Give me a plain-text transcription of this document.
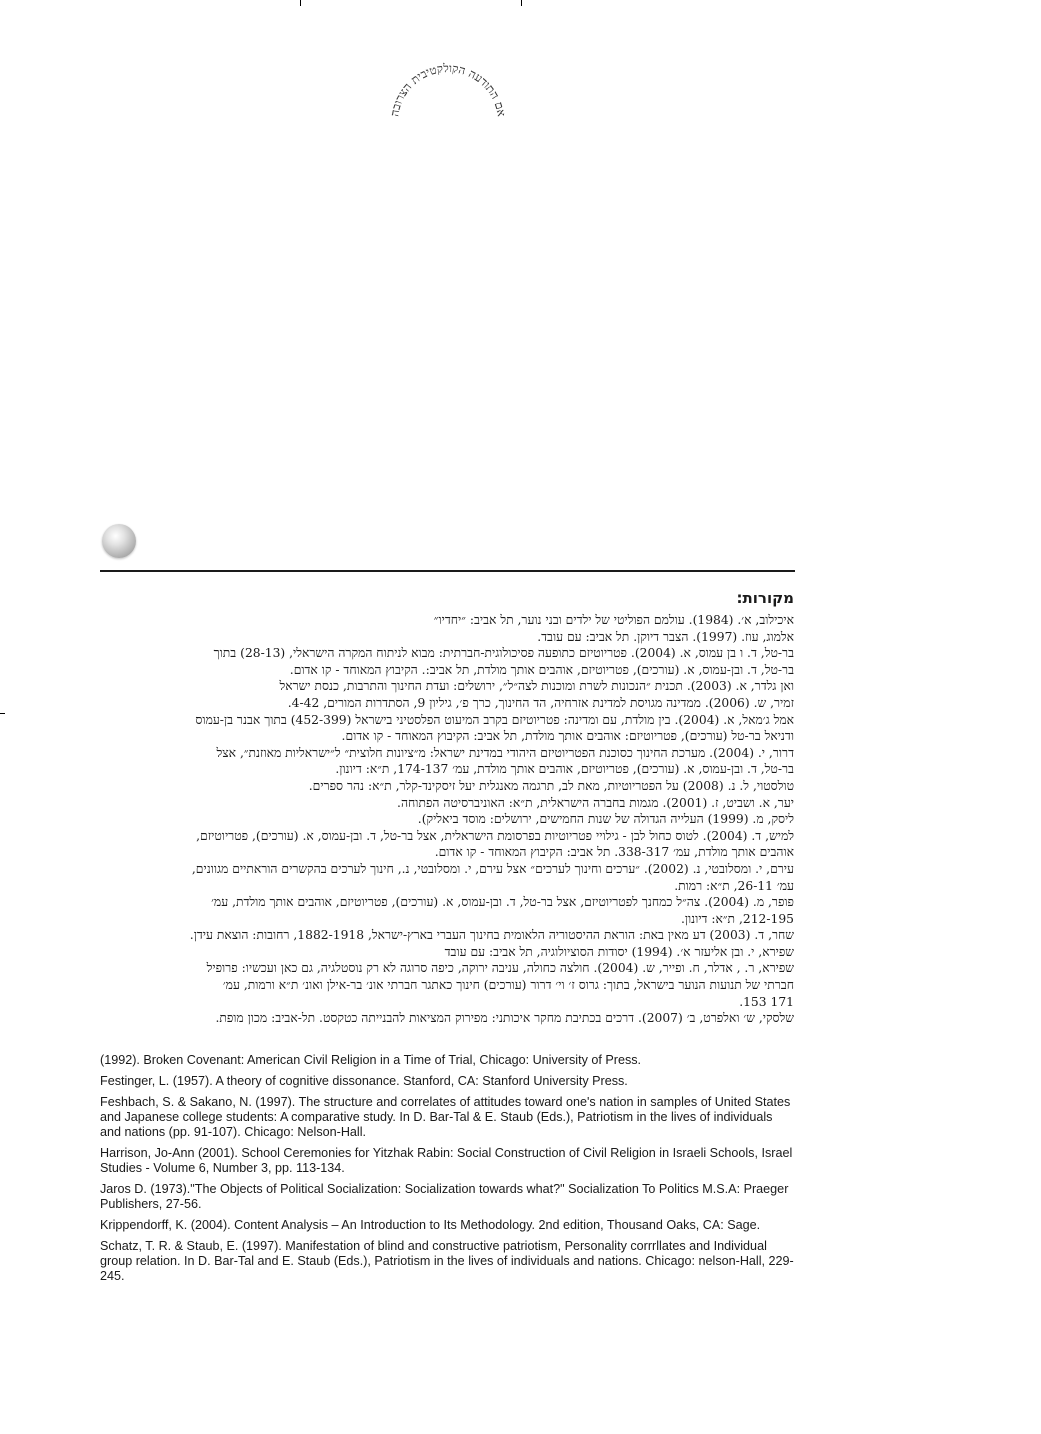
אם התודעה הקולקטיבית הצרובה
מקורות:
איכילוב, א׳. (1984). עולמם הפוליטי של ילדים ובני נוער, תל אביב: ״יחדיו״
אלמוג, עוז. (1997). הצבר דיוקן. תל אביב: עם עובד.
בר-טל, ד. ו בן עמוס, א. (2004). פטריוטיזם כתופעה פסיכולוגית-חברתית: מבוא לניתוח המקרה הישראלי, (28-13) בתוך
בר-טל, ד. ובן-עמוס, א. (עורכים), פטריוטיזם, אוהבים אותך מולדת, תל אביב:. הקיבוץ המאוחד - קו אדום.
ואן גלדר, א. (2003). תכנית ״הנכונות לשרת ומוכנות לצה״ל״, ירושלים: ועדת החינוך והתרבות, כנסת ישראל
זמיר, ש. (2006). ממדינה מגויסת למדינת אזרחיה, הד החינוך, כרך פ׳, גיליון 9, הסתדרות המורים, 4-42.
אמל ג׳מאל, א. (2004). בין מולדת, עם ומדינה: פטריוטיזם בקרב המיעוט הפלסטיני בישראל (452-399) בתוך אבנר בן-עמוס
ודניאל בר-טל (עורכים), פטריוטיזם: אוהבים אותך מולדת, תל אביב: הקיבוץ המאוחד - קו אדום.
דרור, י. (2004). מערכת החינוך כסוכנת הפטריוטיזם היהודי במדינת ישראל: מ״ציונות חלוצית״ ל״ישראליות מאוזנת״, אצל
בר-טל, ד. ובן-עמוס, א. (עורכים), פטריוטיזם, אוהבים אותך מולדת, עמ׳ 174-137, ת״א: דיונון.
טולסטוי, ל. נ. (2008) על הפטריוטיות, מאת לב, תרגמה מאנגלית יעל זיסקינד-קלר, ת״א: נהר ספרים.
יער, א. ושביט, ז. (2001). מגמות בחברה הישראלית, ת״א: האוניברסיטה הפתוחה.
ליסק, מ. (1999) העלייה הגדולה של שנות החמישים, ירושלים: מוסד ביאליק).
למיש, ד. (2004). לטוס כחול לבן - גילויי פטריוטיות בפרסומת הישראלית, אצל בר-טל, ד. ובן-עמוס, א. (עורכים), פטריוטיזם,
אוהבים אותך מולדת, עמ׳ 338-317. תל אביב: הקיבוץ המאוחד - קו אדום.
עירם, י. ומסלובטי, נ. (2002). ״ערכים וחינוך לערכים״ אצל עירם, י. ומסלובטי, נ., חינוך לערכים בהקשרים הוראתיים מגוונים,
עמ׳ 26-11, ת״א: רמות.
פופר, מ. (2004). צה״ל כמחנך לפטריוטיזם, אצל בר-טל, ד. ובן-עמוס, א. (עורכים), פטריוטיזם, אוהבים אותך מולדת, עמ׳
212-195, ת״א: דיונון.
שחר, ד. (2003) דע מאין באת: הוראת ההיסטוריה הלאומית בחינוך העברי בארץ-ישראל, 1882-1918, רחובות: הוצאת עידן.
שפירא, י. ובן אליעזר א׳. (1994) יסודות הסוציולוגיה, תל אביב: עם עובד
שפירא, ר. , אדלר, ח. ופייר, ש. (2004). חולצה כחולה, עניבה ירוקה, כיפה סרוגה לא רק נוסטלגיה, גם כאן ועכשיו: פרופיל
חברתי של תנועות הנוער בישראל, בתוך: גרוס ז׳ וי׳ דרור (עורכים) חינוך כאתגר חברתי אונ׳ בר-אילן ואונ׳ ת״א ורמות, עמ׳
171 153.
שלסקי, ש׳ ואלפרט, ב׳ (2007). דרכים בכתיבת מחקר איכותני: מפירוק המציאות להבנייתה כטקסט. תל-אביב: מכון מופת.
(1992). Broken Covenant: American Civil Religion in a Time of Trial, Chicago: University of Press.
Festinger, L. (1957). A theory of cognitive dissonance. Stanford, CA: Stanford University Press.
Feshbach, S. & Sakano, N. (1997). The structure and correlates of attitudes toward one's nation in samples of United States and Japanese college students: A comparative study. In D. Bar-Tal & E. Staub (Eds.), Patriotism in the lives of individuals and nations (pp. 91-107). Chicago: Nelson-Hall.
Harrison, Jo-Ann (2001). School Ceremonies for Yitzhak Rabin: Social Construction of Civil Religion in Israeli Schools, Israel Studies - Volume 6, Number 3, pp. 113-134.
Jaros D. (1973)."The Objects of Political Socialization: Socialization towards what?" Socialization To Politics M.S.A: Praeger Publishers, 27-56.
Krippendorff, K. (2004). Content Analysis – An Introduction to Its Methodology. 2nd edition, Thousand Oaks, CA: Sage.
Schatz, T. R. & Staub, E. (1997). Manifestation of blind and constructive patriotism, Personality corrrllates and Individual group relation. In D. Bar-Tal and E. Staub (Eds.), Patriotism in the lives of individuals and nations. Chicago: nelson-Hall, 229-245.
